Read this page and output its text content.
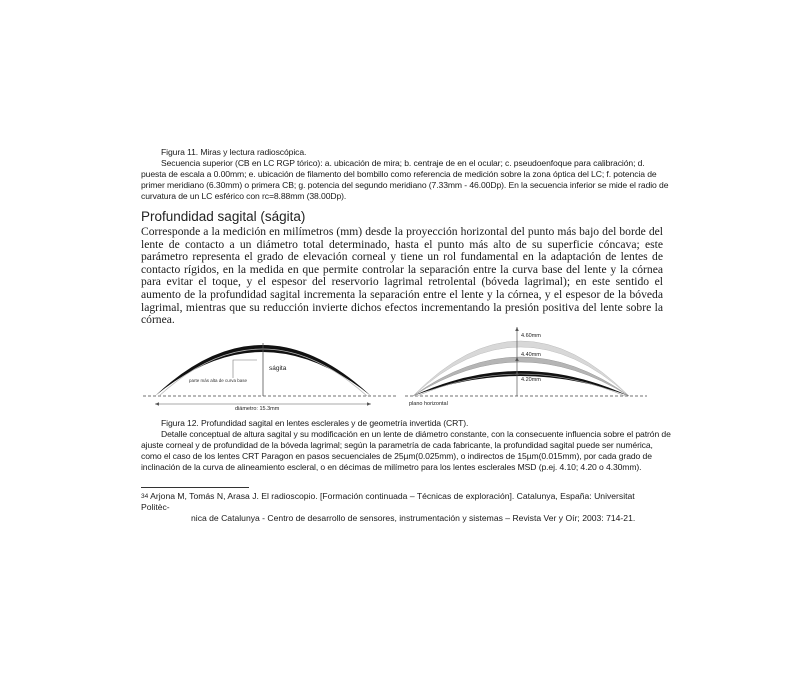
Figura 11. Miras y lectura radioscópica.
Secuencia superior (CB en LC RGP tórico): a. ubicación de mira; b. centraje de en el ocular; c. pseudoenfoque para calibración; d. puesta de escala a 0.00mm; e. ubicación de filamento del bombillo como referencia de medición sobre la zona óptica del LC; f. potencia de primer meridiano (6.30mm) o primera CB; g. potencia del segundo meridiano (7.33mm - 46.00Dp). En la secuencia inferior se mide el radio de curvatura de un LC esférico con rc=8.88mm (38.00Dp).
Profundidad sagital (ságita)
Corresponde a la medición en milímetros (mm) desde la proyección horizontal del punto más bajo del borde del lente de contacto a un diámetro total determinado, hasta el punto más alto de su superficie cóncava; este parámetro representa el grado de elevación corneal y tiene un rol fundamental en la adaptación de lentes de contacto rígidos, en la medida en que permite controlar la separación entre la curva base del lente y la córnea para evitar el toque, y el espesor del reservorio lagrimal retrolental (bóveda lagrimal); en este sentido el aumento de la profundidad sagital incrementa la separación entre el lente y la córnea, y el espesor de la bóveda lagrimal, mientras que su reducción invierte dichos efectos incrementando la presión positiva del lente sobre la córnea.
ságita
parte más alta de curva base
diámetro: 15.3mm
4.60mm
4.40mm
4.20mm
plano horizontal
Figura 12. Profundidad sagital en lentes esclerales y de geometría invertida (CRT).
Detalle conceptual de altura sagital y su modificación en un lente de diámetro constante, con la consecuente influencia sobre el patrón de ajuste corneal y de profundidad de la bóveda lagrimal; según la parametría de cada fabricante, la profundidad sagital puede ser numérica, como el caso de los lentes CRT Paragon en pasos secuenciales de 25µm(0.025mm), o indirectos de 15µm(0.015mm), por cada grado de inclinación de la curva de alineamiento escleral, o en décimas de milímetro para los lentes esclerales MSD (p.ej. 4.10; 4.20 o 4.30mm).
$^{34}$ Arjona M, Tomás N, Arasa J. El radioscopio. [Formación continuada – Técnicas de exploración]. Catalunya, España: Universitat Politèc-
nica de Catalunya - Centro de desarrollo de sensores, instrumentación y sistemas – Revista Ver y Oír; 2003: 714-21.
